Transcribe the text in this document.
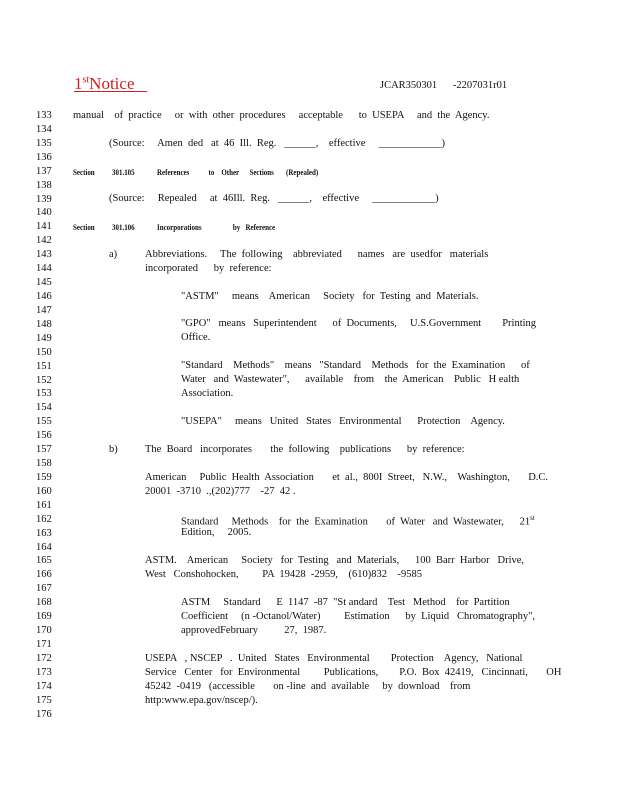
1stNotice	JCAR350301      -2207031r01
133
134
135
136
137
138
139
140
141
142
143
144
145
146
147
148
149
150
151
152
153
154
155
156
157
158
159
160
161
162
163
164
165
166
167
168
169
170
171
172
173
174
175
176
manual    of  practice     or  with  other  procedures     acceptable      to  USEPA     and  the  Agency.
(Source:     Amen  ded   at  46  Ill.  Reg.   ______,    effective     ____________)
Section 301.105	References           to    Other      Sections       (Repealed)
(Source:     Repealed     at  46Ill.  Reg.   ______,    effective     ____________)
Section 301.106	Incorporations                  by   Reference
a)	Abbreviations.     The  following    abbreviated      names   are  usedfor   materials
incorporated      by  reference:
"ASTM"     means    American     Society   for  Testing  and  Materials.
"GPO"   means   Superintendent      of  Documents,     U.S.Government        Printing
Office.
"Standard    Methods"    means   "Standard    Methods   for  the  Examination      of
Water   and  Wastewater",      available    from    the  American    Public   H ealth
Association.
"USEPA"     means   United   States   Environmental      Protection    Agency.
b)	The  Board   incorporates       the  following    publications      by  reference:
American     Public  Health  Association       et  al.,  800I  Street,   N.W.,    Washington,       D.C.
20001  -3710  .,(202)777    -27  42 .
Standard     Methods    for  the  Examination       of  Water   and  Wastewater,      21st
Edition,     2005.
ASTM.    American     Society   for  Testing   and  Materials,      100  Barr  Harbor   Drive,
West   Conshohocken,         PA  19428  -2959,    (610)832    -9585
ASTM     Standard      E  1147  -87  "St andard    Test   Method    for  Partition
Coefficient     (n -Octanol/Water)         Estimation      by  Liquid   Chromatography",
approvedFebruary          27,  1987.
USEPA   , NSCEP   .  United   States   Environmental        Protection    Agency,   National
Service   Center   for  Environmental         Publications,        P.O.  Box  42419,   Cincinnati,       OH
45242  -0419   (accessible       on -line  and  available     by  download    from
http:www.epa.gov/nscep/).
